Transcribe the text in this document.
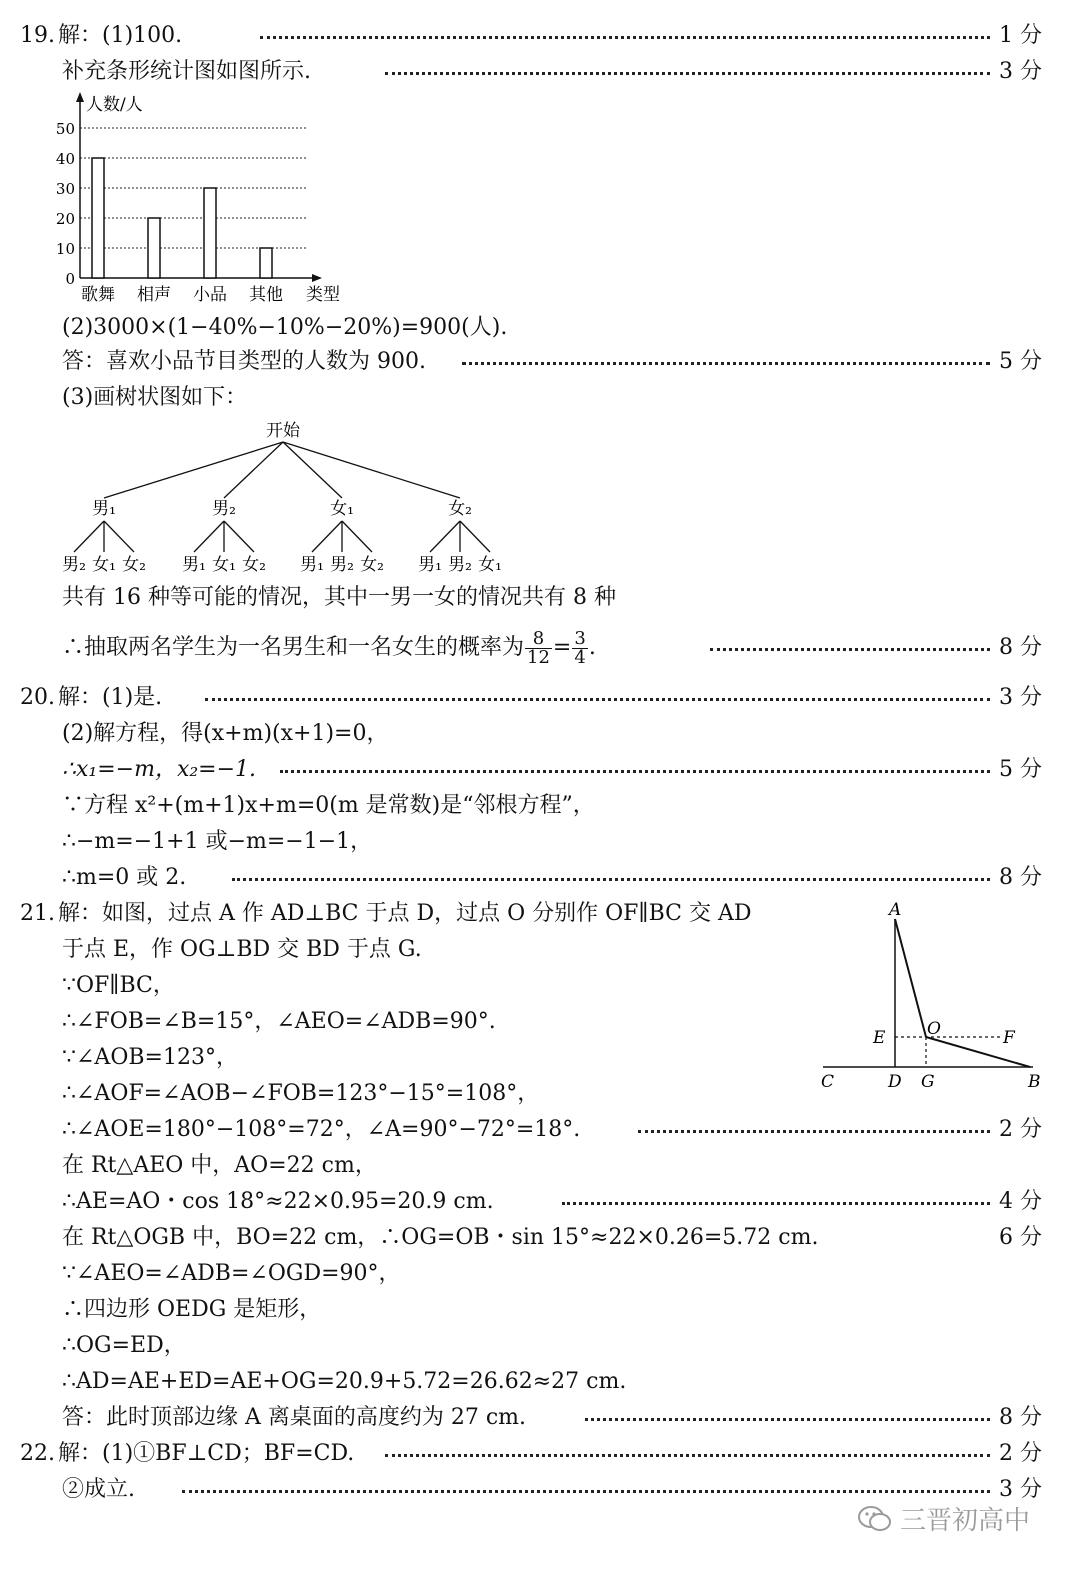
19. 解：(1)100.	1 分
补充条形统计图如图所示.	3 分
0
10
20
30
40
50
人数/人
类型
歌舞 相声 小品 其他
(2)3000×(1−40%−10%−20%)=900(人).
答：喜欢小品节目类型的人数为 900.	5 分
(3)画树状图如下：
开始
男₁
男₂ 女₁ 女₂
男₂
男₁ 女₁ 女₂
女₁
男₁ 男₂ 女₂
女₂
男₁ 男₂ 女₁
共有 16 种等可能的情况，其中一男一女的情况共有 8 种
∴抽取两名学生为一名男生和一名女生的概率为 $\frac{8}{12} = \frac{3}{4}$ .	8 分
20. 解：(1)是.	3 分
(2)解方程，得(x+m)(x+1)=0，
∴x₁=−m，x₂=−1.	5 分
∵方程 x²+(m+1)x+m=0(m 是常数)是“邻根方程”，
∴−m=−1+1 或−m=−1−1，
∴m=0 或 2.	8 分
21. 解：如图，过点 A 作 AD⊥BC 于点 D，过点 O 分别作 OF∥BC 交 AD
于点 E，作 OG⊥BD 交 BD 于点 G.
∵OF∥BC，
∴∠FOB=∠B=15°，∠AEO=∠ADB=90°.
∵∠AOB=123°，
∴∠AOF=∠AOB−∠FOB=123°−15°=108°，
∴∠AOE=180°−108°=72°，∠A=90°−72°=18°.	2 分
在 Rt△AEO 中，AO=22 cm，
∴AE=AO・cos 18°≈22×0.95=20.9 cm.	4 分
在 Rt△OGB 中，BO=22 cm，∴OG=OB・sin 15°≈22×0.26=5.72 cm.	6 分
∵∠AEO=∠ADB=∠OGD=90°，
∴四边形 OEDG 是矩形，
∴OG=ED，
∴AD=AE+ED=AE+OG=20.9+5.72=26.62≈27 cm.
答：此时顶部边缘 A 离桌面的高度约为 27 cm.	8 分
A
E O	F
C	D G	B
22. 解：(1)①BF⊥CD；BF=CD.	2 分
②成立.	3 分
三晋初高中
